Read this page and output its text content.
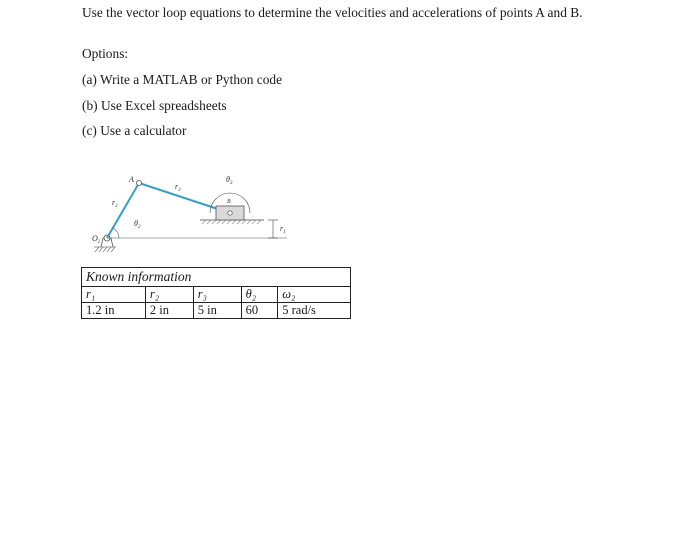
Use the vector loop equations to determine the velocities and accelerations of points A and B.

Options:

(a) Write a MATLAB or Python code

(b) Use Excel spreadsheets

(c) Use a calculator

A
B
$O_2$
$r_2$
$r_3$
$r_1$
$\theta_2$
$\theta_3$
Known information				
r₁	r₂	r₃	θ₂	ω₂
1.2 in	2 in	5 in	60	5 rad/s
